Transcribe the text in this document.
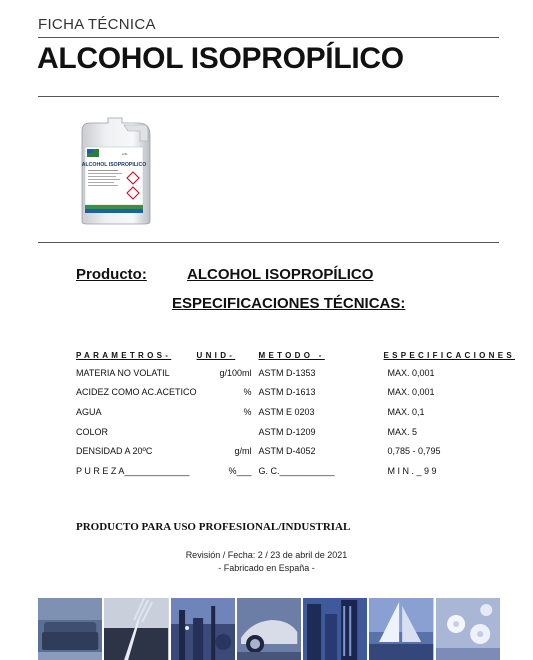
FICHA TÉCNICA
ALCOHOL ISOPROPÍLICO
2.5L
ALCOHOL ISOPROPILICO
Producto:	ALCOHOL ISOPROPÍLICO
ESPECIFICACIONES TÉCNICAS:
PARAMETROS-	UNID-	METODO -	ESPECIFICACIONES
MATERIA NO VOLATIL	g/100ml	ASTM D-1353	MAX. 0,001
ACIDEZ COMO AC.ACETICO	%	ASTM D-1613	MAX. 0,001
AGUA	%	ASTM E 0203	MAX. 0,1
COLOR		ASTM D-1209	MAX. 5
DENSIDAD A 20ºC	g/ml	ASTM D-4052	0,785 - 0,795
P U R E Z A_____________	%___	G. C.___________	M I N . _ 9 9
PRODUCTO PARA USO PROFESIONAL/INDUSTRIAL
Revisión / Fecha: 2 / 23 de abril de 2021
- Fabricado en España -
